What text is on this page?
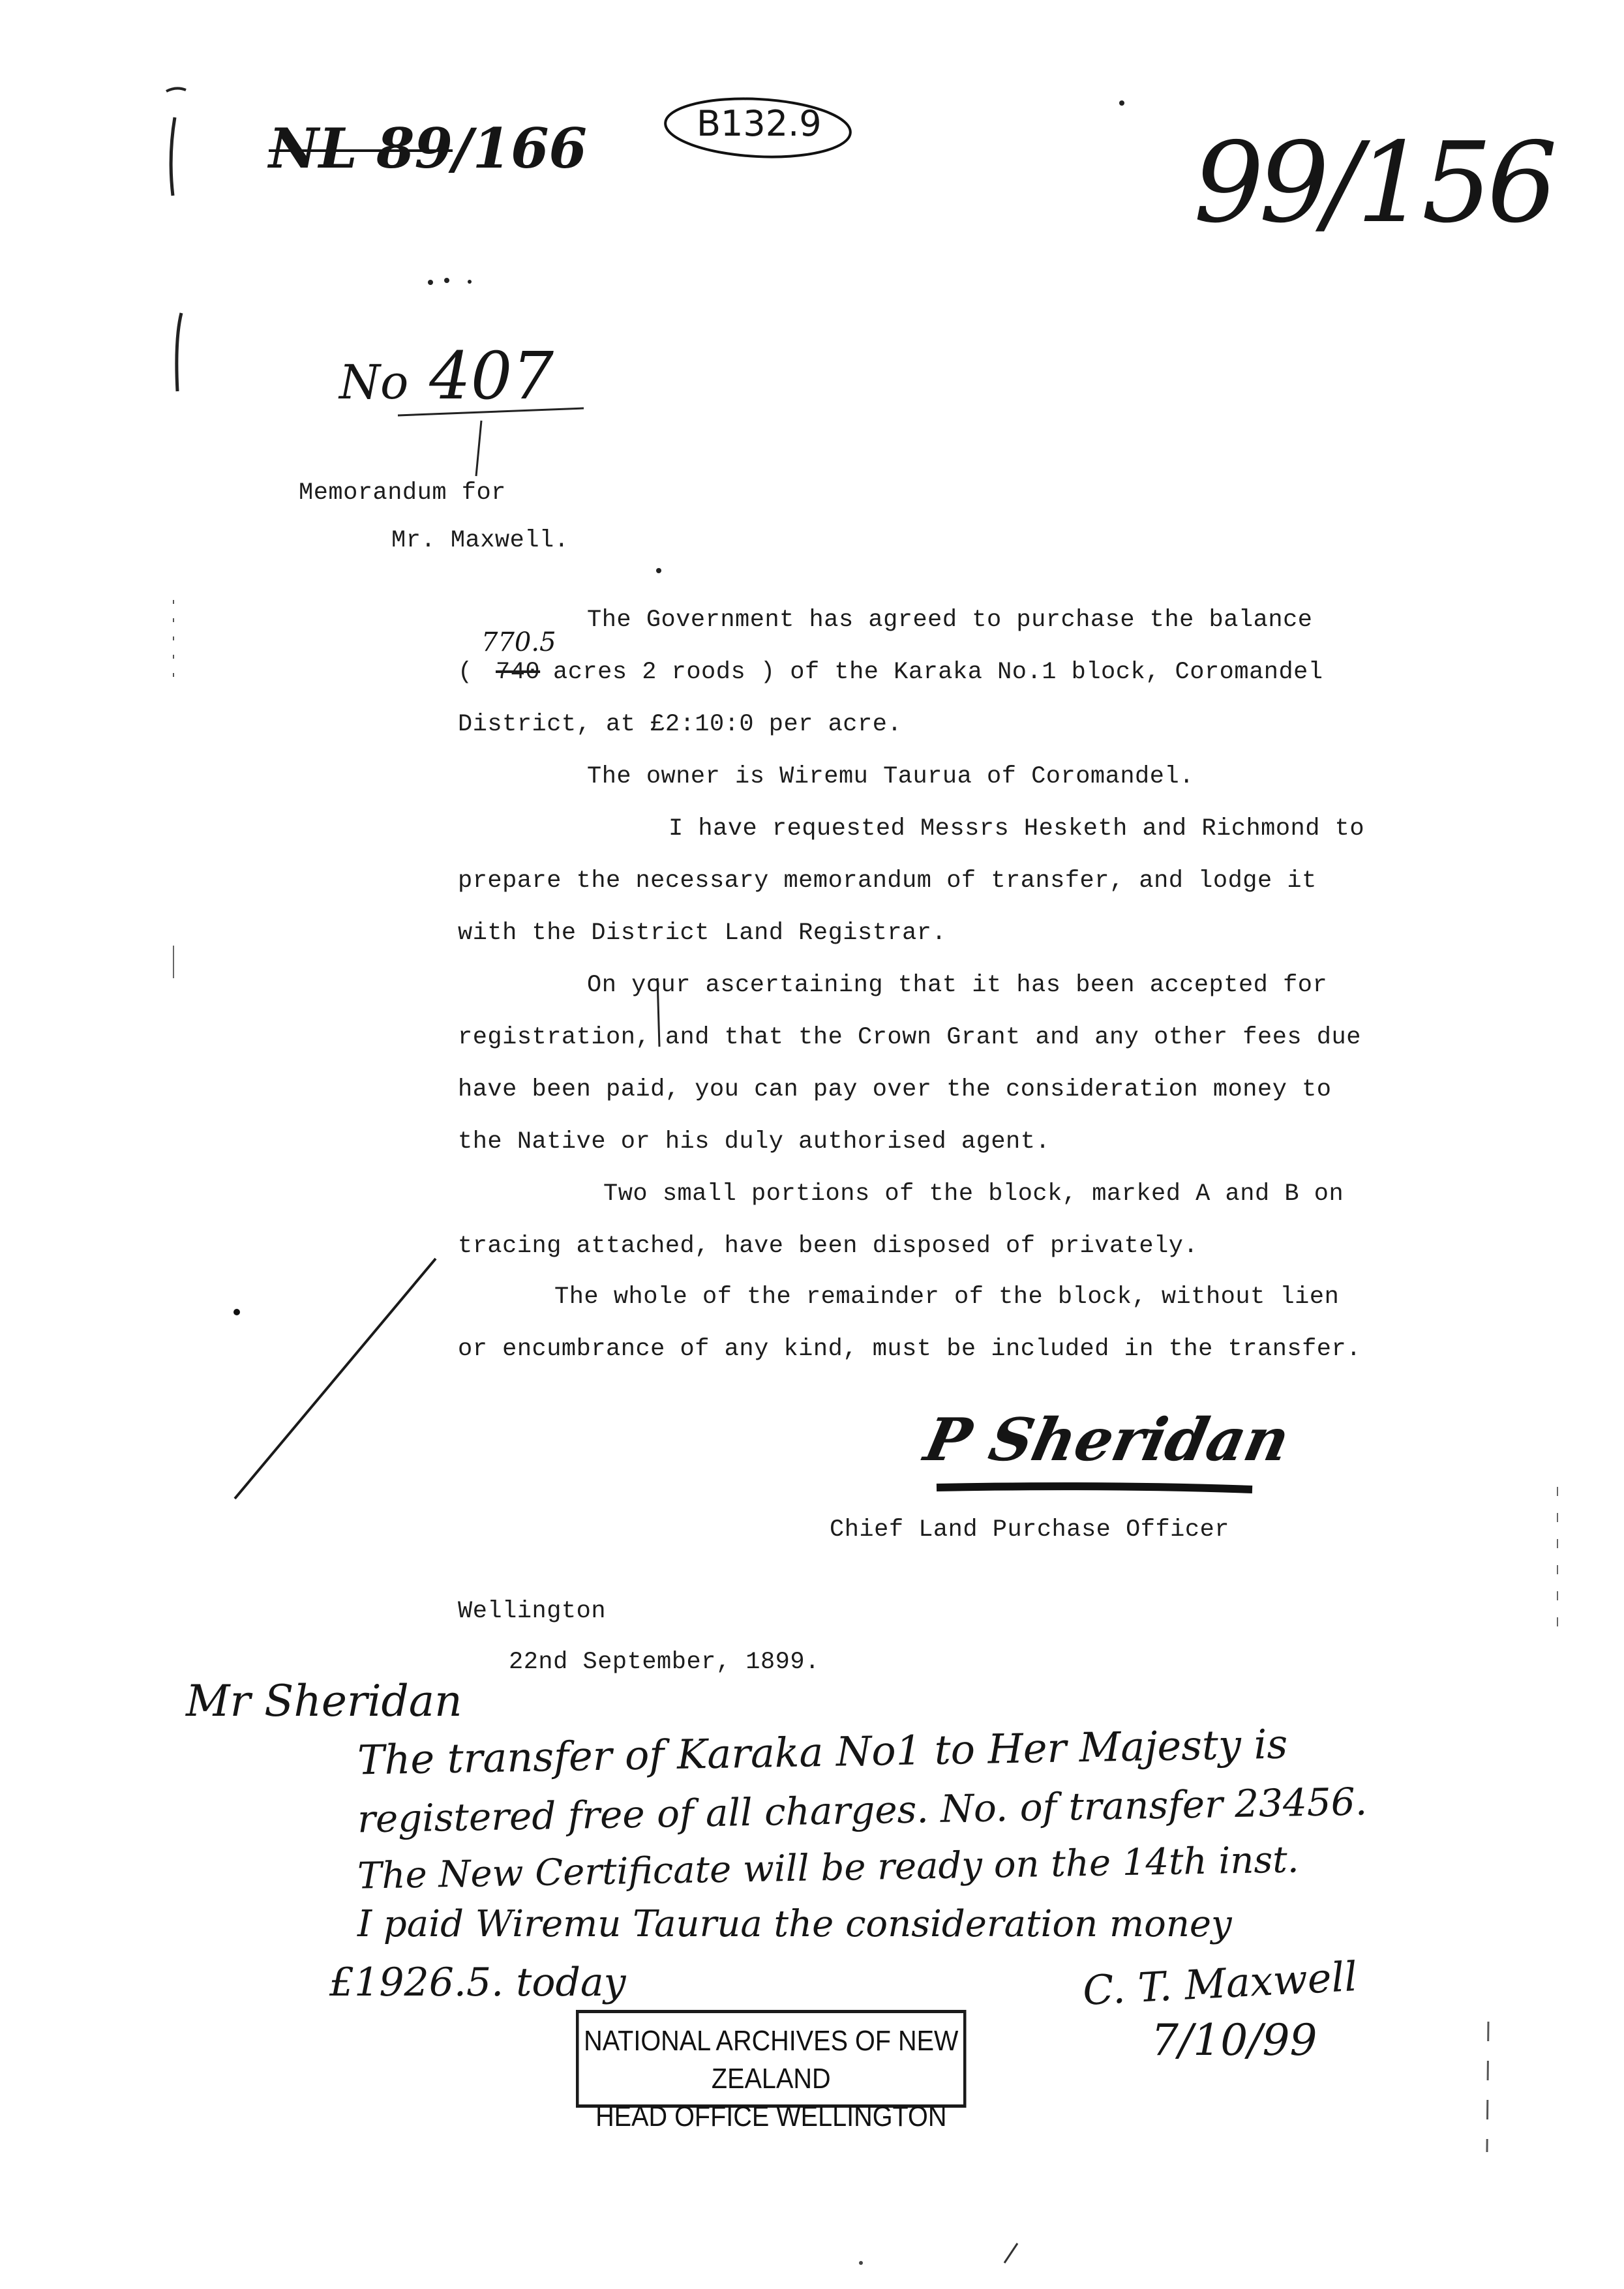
NL 89/166	B132.9	99/156
No 407
Memorandum for
Mr. Maxwell.
The Government has agreed to purchase the balance
( 740
770.5
acres 2 roods ) of the Karaka No.1 block, Coromandel
District, at £2:10:0 per acre.
The owner is Wiremu Taurua of Coromandel.
I have requested Messrs Hesketh and Richmond to
prepare the necessary memorandum of transfer, and lodge it
with the District Land Registrar.
On your ascertaining that it has been accepted for
registration, and that the Crown Grant and any other fees due
have been paid, you can pay over the consideration money to
the Native or his duly authorised agent.
Two small portions of the block, marked A and B on
tracing attached, have been disposed of privately.
The whole of the remainder of the block, without lien
or encumbrance of any kind, must be included in the transfer.
P Sheridan
Chief Land Purchase Officer
Wellington
22nd September, 1899.
Mr Sheridan
The transfer of Karaka No1 to Her Majesty is
registered free of all charges. No. of transfer 23456.
The New Certificate will be ready on the 14th inst.
I paid Wiremu Taurua the consideration money
£1926.5. today	C. T. Maxwell
7/10/99
NATIONAL ARCHIVES OF NEW ZEALAND
HEAD OFFICE WELLINGTON
